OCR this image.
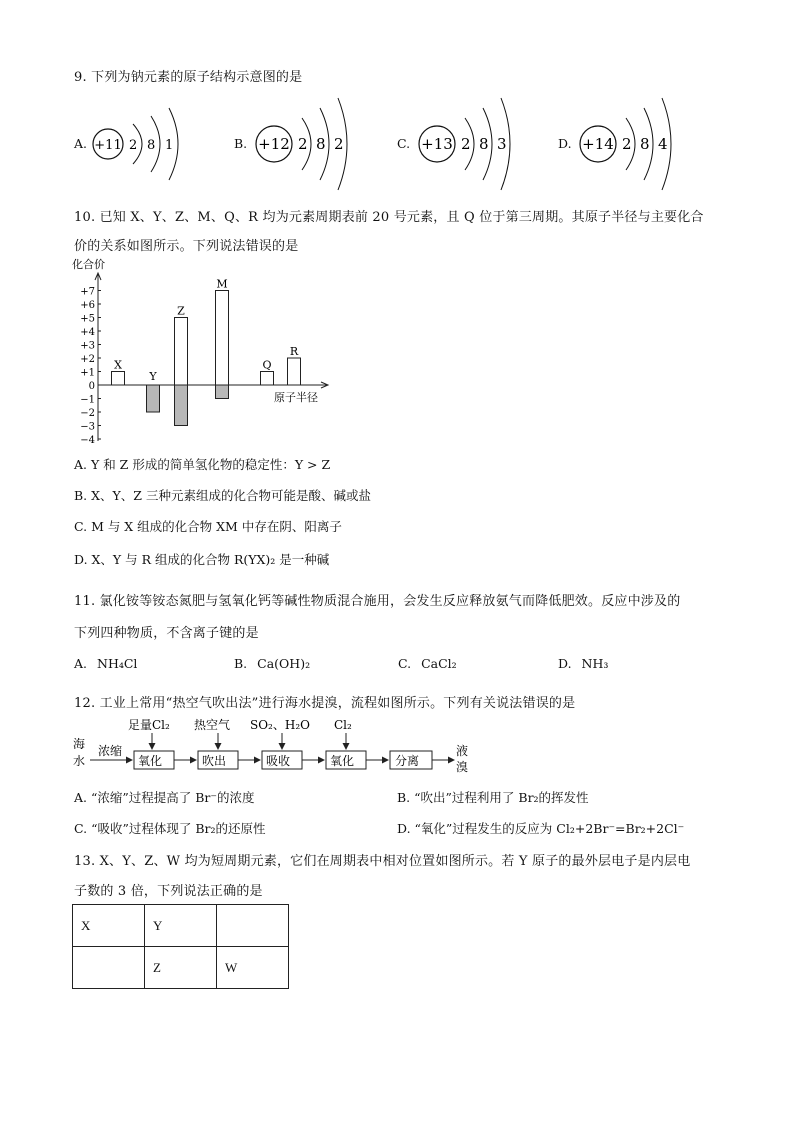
9. 下列为钠元素的原子结构示意图的是
A. +11 2 8 1	B. +12 2 8 2	C. +13 2 8 3	D. +14 2 8 4
10. 已知 X、Y、Z、M、Q、R 均为元素周期表前 20 号元素，且 Q 位于第三周期。其原子半径与主要化合
价的关系如图所示。下列说法错误的是
化合价
原子半径
+7
+6
+5
+4
+3
+2
+1
0
−1
−2
−3
−4
X
Y
Z
M
Q
R
A. Y 和 Z 形成的简单氢化物的稳定性：Y > Z
B. X、Y、Z 三种元素组成的化合物可能是酸、碱或盐
C. M 与 X 组成的化合物 XM 中存在阴、阳离子
D. X、Y 与 R 组成的化合物 R(YX)₂ 是一种碱
11. 氯化铵等铵态氮肥与氢氧化钙等碱性物质混合施用，会发生反应释放氨气而降低肥效。反应中涉及的
下列四种物质，不含离子键的是
A. NH₄Cl	B. Ca(OH)₂	C. CaCl₂	D. NH₃
12. 工业上常用“热空气吹出法”进行海水提溴，流程如图所示。下列有关说法错误的是
海
水
浓缩
氧化	吹出	吸收	氧化	分离
液
溴
足量Cl₂ 热空气 SO₂、H₂O Cl₂
A. “浓缩”过程提高了 Br⁻的浓度	B. “吹出”过程利用了 Br₂的挥发性
C. “吸收”过程体现了 Br₂的还原性	D. “氧化”过程发生的反应为 Cl₂+2Br⁻=Br₂+2Cl⁻
13. X、Y、Z、W 均为短周期元素，它们在周期表中相对位置如图所示。若 Y 原子的最外层电子是内层电
子数的 3 倍，下列说法正确的是
X	Y	
	Z	W
